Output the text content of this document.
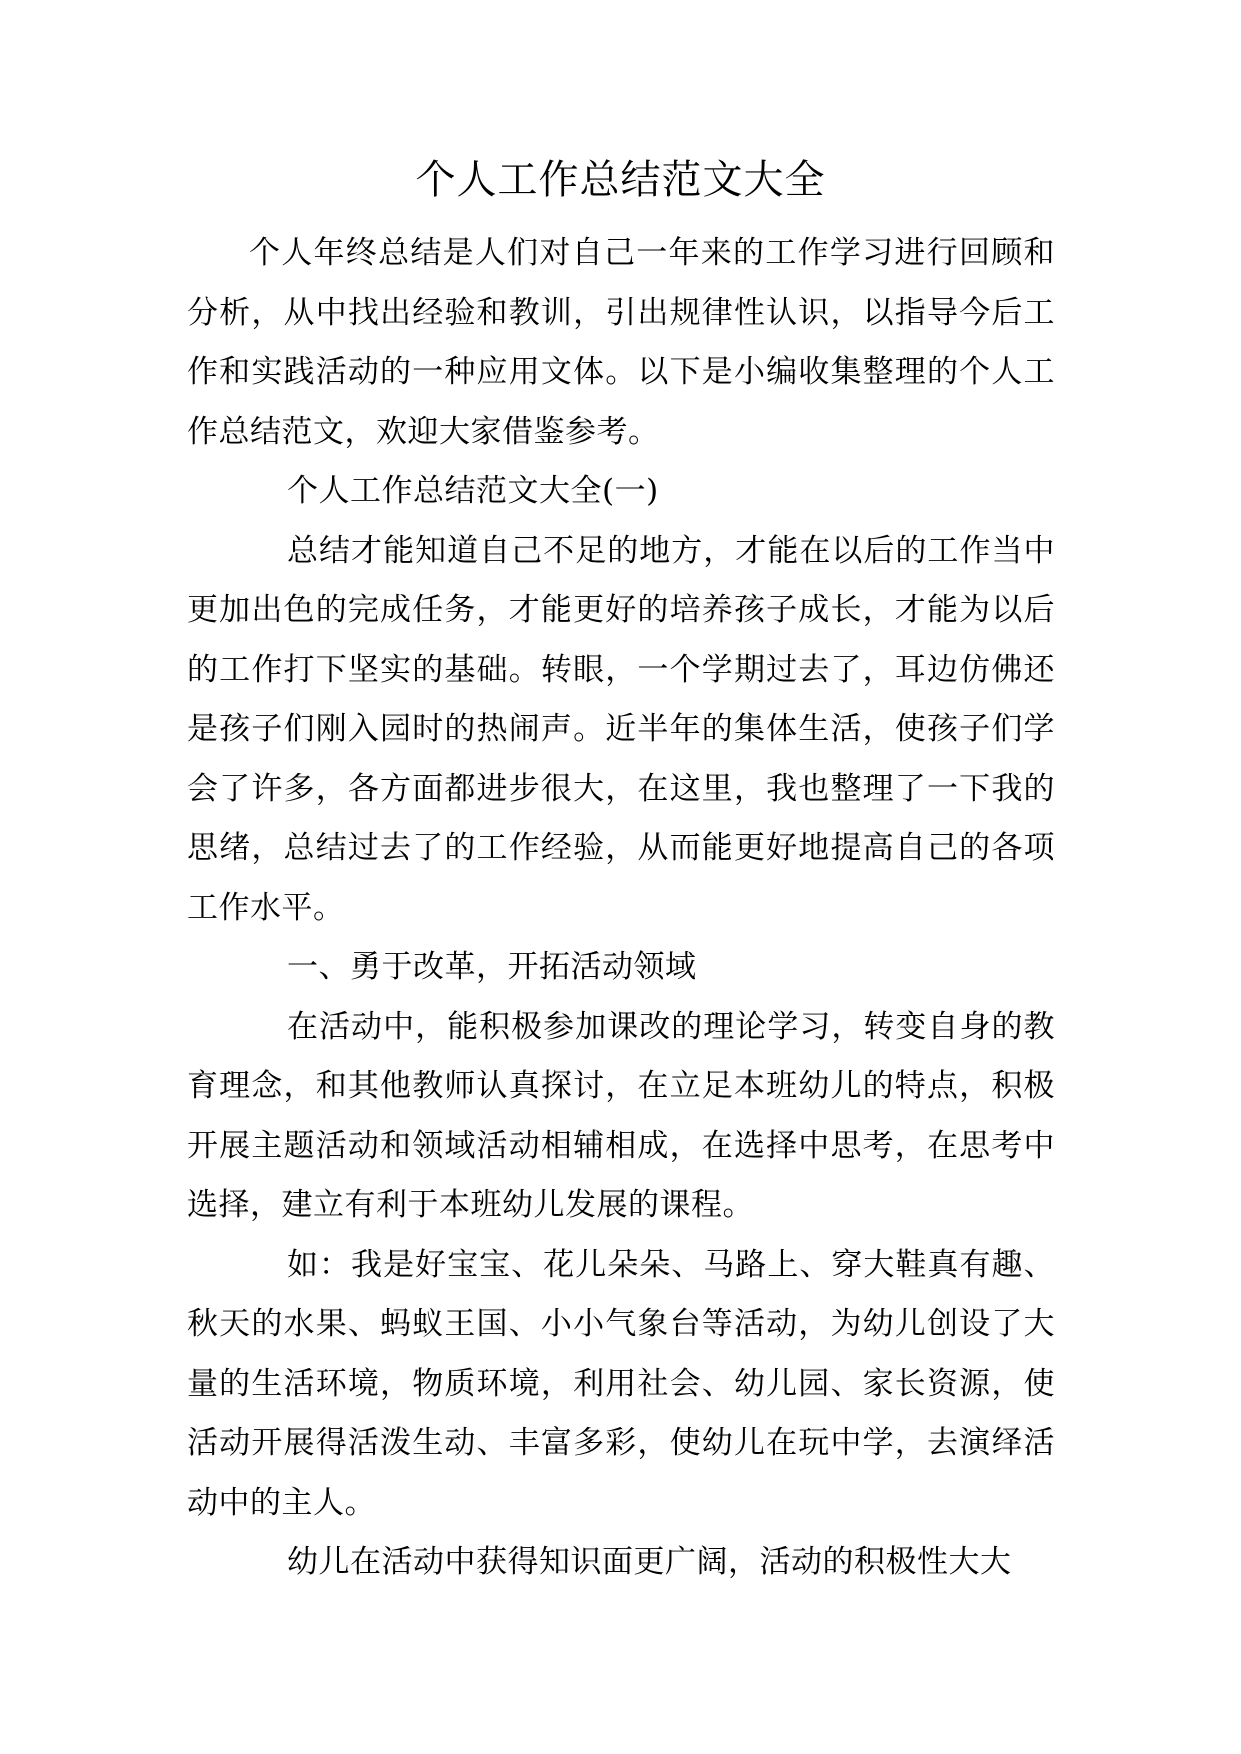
个人工作总结范文大全

个人年终总结是人们对自己一年来的工作学习进行回顾和分析，从中找出经验和教训，引出规律性认识，以指导今后工作和实践活动的一种应用文体。以下是小编收集整理的个人工作总结范文，欢迎大家借鉴参考。

个人工作总结范文大全(一)

总结才能知道自己不足的地方，才能在以后的工作当中更加出色的完成任务，才能更好的培养孩子成长，才能为以后的工作打下坚实的基础。转眼，一个学期过去了，耳边仿佛还是孩子们刚入园时的热闹声。近半年的集体生活，使孩子们学会了许多，各方面都进步很大，在这里，我也整理了一下我的思绪，总结过去了的工作经验，从而能更好地提高自己的各项工作水平。

一、勇于改革，开拓活动领域

在活动中，能积极参加课改的理论学习，转变自身的教育理念，和其他教师认真探讨，在立足本班幼儿的特点，积极开展主题活动和领域活动相辅相成，在选择中思考，在思考中选择，建立有利于本班幼儿发展的课程。

如：我是好宝宝、花儿朵朵、马路上、穿大鞋真有趣、秋天的水果、蚂蚁王国、小小气象台等活动，为幼儿创设了大量的生活环境，物质环境，利用社会、幼儿园、家长资源，使活动开展得活泼生动、丰富多彩，使幼儿在玩中学，去演绎活动中的主人。

幼儿在活动中获得知识面更广阔，活动的积极性大大
